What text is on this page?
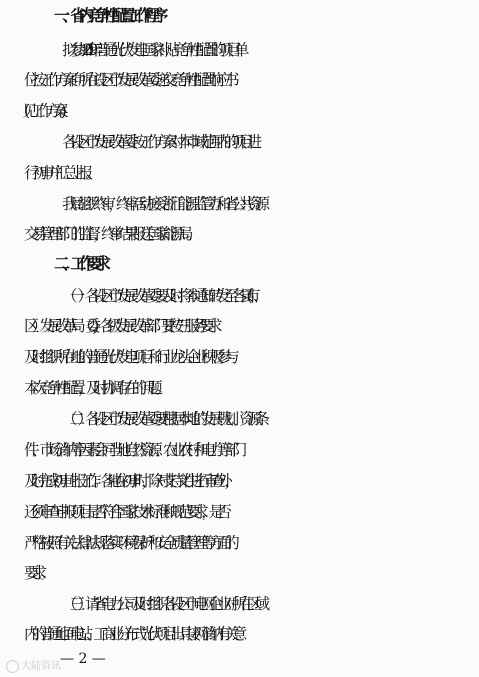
一、省内竞争性配置工作程序
拟参加 2019 年普通光伏发电国家补贴竞争性配置的项目单
位按工作方案向所在设区市发展改革委递交竞争性配置响应书
(见工作方案)。
各设区市发展改革委按工作方案对本市域范围内的项目进
行初审并汇总上报。
我局组织终审，终审活动接受浙江能源监管办和省公共资源
交易管理部门的监督，终审结果报送国家能源局。
二、工作要求
（一）各设区市发展改革委要及时将本通知转发至各县(市、
区）发展改革局（委)，各级发展改革部门要按“三服务”要求
及时组织所在地的普通光伏发电项目和行业龙头企业积极参与
本次竞争性配置，及时协调存在的问题。
（二）各设区市发展改革委要根据本地的发展规划、资源条
件、市场消纳等因素会同当地自然资源、农业农村和电力等部门
及时完成初审上报工作。各地在初审时，除对支持文件进行审查外，
还须审查申报项目是否符合国家技术标准和规范要求，是否
严格按照有关法律法规落实环境保护和安全质量管理等方面的
要求。
（三）请省电力公司及时组织各设区市电网企业对所在区域
内的普通地面电站、工商业分布式光伏项目出具接网消纳有关意
— 2 —
大陆资讯
